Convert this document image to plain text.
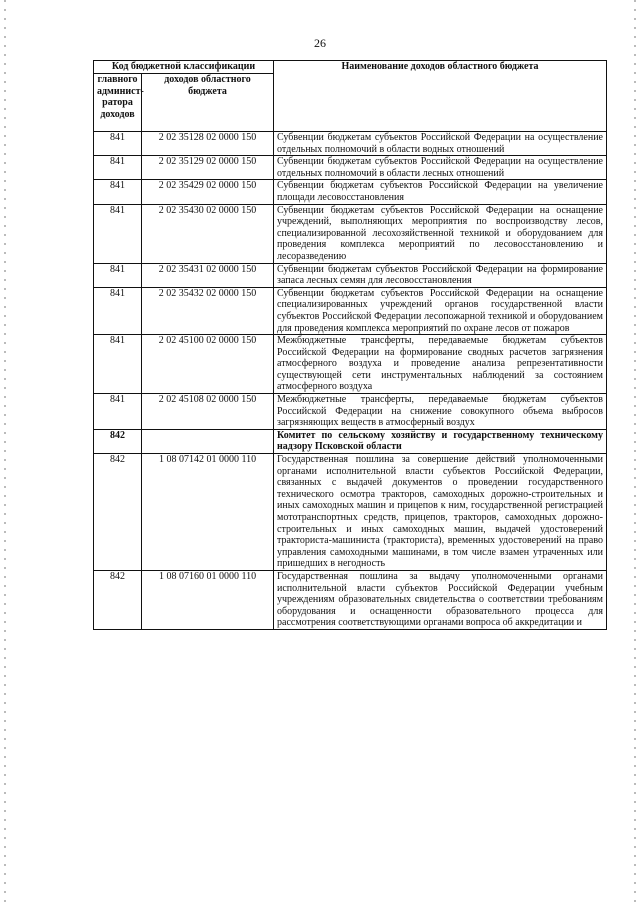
26
Код бюджетной классификации		Наименование доходов областного бюджета
главного админист-ратора доходов	доходов областного бюджета	
841	2 02 35128 02 0000 150	Субвенции бюджетам субъектов Российской Федерации на осуществление отдельных полномочий в области водных отношений
841	2 02 35129 02 0000 150	Субвенции бюджетам субъектов Российской Федерации на осуществление отдельных полномочий в области лесных отношений
841	2 02 35429 02 0000 150	Субвенции бюджетам субъектов Российской Федерации на увеличение площади лесовосстановления
841	2 02 35430 02 0000 150	Субвенции бюджетам субъектов Российской Федерации на оснащение учреждений, выполняющих мероприятия по воспроизводству лесов, специализированной лесохозяйственной техникой и оборудованием для проведения комплекса мероприятий по лесовосстановлению и лесоразведению
841	2 02 35431 02 0000 150	Субвенции бюджетам субъектов Российской Федерации на формирование запаса лесных семян для лесовосстановления
841	2 02 35432 02 0000 150	Субвенции бюджетам субъектов Российской Федерации на оснащение специализированных учреждений органов государственной власти субъектов Российской Федерации лесопожарной техникой и оборудованием для проведения комплекса мероприятий по охране лесов от пожаров
841	2 02 45100 02 0000 150	Межбюджетные трансферты, передаваемые бюджетам субъектов Российской Федерации на формирование сводных расчетов загрязнения атмосферного воздуха и проведение анализа репрезентативности существующей сети инструментальных наблюдений за состоянием атмосферного воздуха
841	2 02 45108 02 0000 150	Межбюджетные трансферты, передаваемые бюджетам субъектов Российской Федерации на снижение совокупного объема выбросов загрязняющих веществ в атмосферный воздух
842		Комитет по сельскому хозяйству и государственному техническому надзору Псковской области
842	1 08 07142 01 0000 110	Государственная пошлина за совершение действий уполномоченными органами исполнительной власти субъектов Российской Федерации, связанных с выдачей документов о проведении государственного технического осмотра тракторов, самоходных дорожно-строительных и иных самоходных машин и прицепов к ним, государственной регистрацией мототранспортных средств, прицепов, тракторов, самоходных дорожно-строительных и иных самоходных машин, выдачей удостоверений тракториста-машиниста (тракториста), временных удостоверений на право управления самоходными машинами, в том числе взамен утраченных или пришедших в негодность
842	1 08 07160 01 0000 110	Государственная пошлина за выдачу уполномоченными органами исполнительной власти субъектов Российской Федерации учебным учреждениям образовательных свидетельства о соответствии требованиям оборудования и оснащенности образовательного процесса для рассмотрения соответствующими органами вопроса об аккредитации и
